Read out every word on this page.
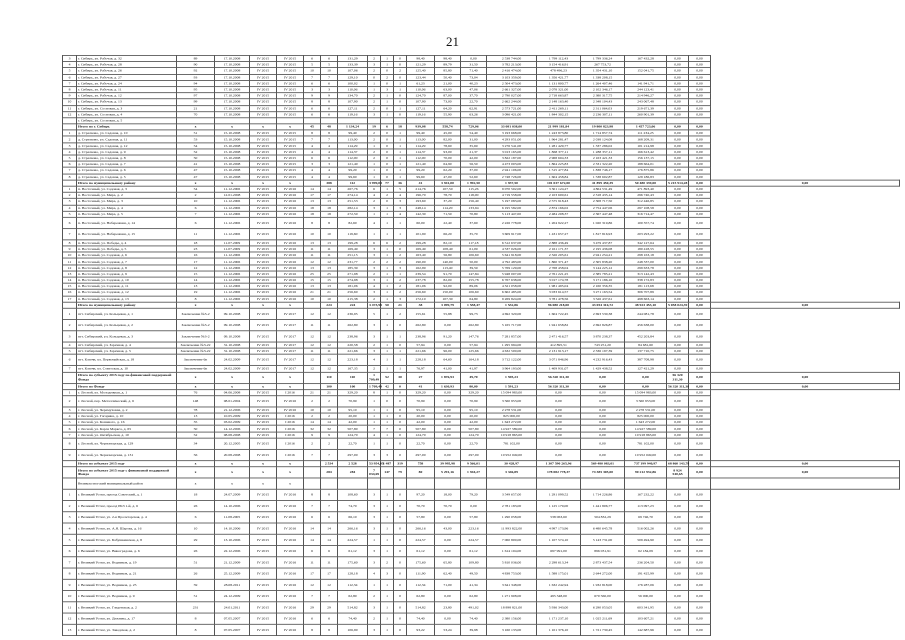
21
3	г. Сибирь, ул. Рабочая, д. 32	89	17.10.2008	IV 2015	IV 2015	6	6	131,29	2	1	0	98,40	98,40	0,00	2 538 744,00	1 799 112,43	1 799 336,24	167 432,28	0,00	0,00	
4	г. Сибирь, ул. Рабочая, д. 28	90	17.10.2008	IV 2015	IV 2015	5	5	133,39	3	1	0	121,29	89,79	31,50	3 782 213,00	3 154 416,91	267 753,72		0,00	0,00	
5	г. Сибирь, ул. Рабочая, д. 26	92	17.10.2008	IV 2015	IV 2015	10	10	107,06	2	0	2	125,40	85,80	71,40	2 416 474,00	478 496,23	1 354 431,10	152 041,75	0,00	0,00	
6	г. Сибирь, ул. Рабочая, д. 27	93	17.10.2008	IV 2015	IV 2015	7	7	129,10	0	2	0	123,44	50,40	73,04	3 103 359,00	1 356 421,77	1 338 208,15		0,00	0,00	
7	г. Сибирь, ул. Рабочая, д. 24	94	17.10.2008	IV 2015	IV 2015	6	6	100,02	1	0	1	61,23	21,00	40,23	2 504 473,00	1 131 800,77	1 264 407,46	141 941,71	0,00	0,00	
8	г. Сибирь, ул. Рабочая, д. 11	95	17.10.2008	IV 2015	IV 2015	3	3	110,06	1	3	1	110,06	63,00	47,06	2 661 327,00	2 078 321,00	2 102 346,17	244 123,41	0,00	0,00	
9	г. Сибирь, ул. Рабочая, д. 12	97	17.10.2008	IV 2015	IV 2015	9	9	134,70	2	1	0	124,70	87,00	37,70	2 790 027,00	2 718 663,87	2 380 317,75	214 946,27	0,00	0,00	
10	г. Сибирь, ул. Рабочая, д. 13	99	17.10.2008	IV 2015	IV 2015	8	8	107,90	2	1	0	107,90	73,00	22,70	2 662 244,00	2 148 163,40	2 348 104,43	243 067,48	0,00	0,00	
11	г. Сибирь, ул. Сосновая, д. 3	21	17.10.2008	IV 2015	IV 2015	6	6	127,11	2	0	1	127,11	64,20	62,91	2 573 721,00	2 411 269,11	2 311 064,03	219 671,39	0,00	0,00	
12	г. Сибирь, ул. Сосновая, д. 4	70	17.10.2008	IV 2015	IV 2015	6	6	119,16	3	1	0	119,16	55,90	63,26	3 096 421,00	1 844 302,15	2 236 307,11	260 901,39	0,00	0,00	
	г. Сибирь, ул. Сосновая, д. 5																				
	Итого по г. Сибирь	x	x	x	x	45	48	1 134,24	19	6	18	939,08	558,74	729,06	33 081 038,00	21 999 181,84	19 800 823,98	1 457 723,06	0,00	0,00	
1	д. Стрелково, ул. Садовая, д. 10	51	15.10.2008	IV 2015	IV 2015	8	8	99,40	2	0	1	99,40	45,00	54,40	3 193 668,00	1 243 873,80	1 714 857,74	111 234,25	0,00	0,00	
2	д. Стрелково, ул. Садовая, д. 11	53	15.10.2008	IV 2015	IV 2015	7	7	113,00	2	0	1	113,00	82,00	31,00	4 293 051,00	1 964 281,47	2 038 124,08	168 209,31	0,00	0,00	
3	д. Стрелково, ул. Садовая, д. 12	54	15.10.2008	IV 2015	IV 2015	4	4	114,29	1	0	1	114,29	78,60	35,69	3 276 541,00	1 281 429,77	1 337 286,02	101 214,98	0,00	0,00	
4	д. Стрелково, ул. Садовая, д. 9	52	15.10.2008	IV 2015	IV 2015	4	4	114,37	2	0	1	114,37	93,00	21,37	3 013 165,00	1 868 377,11	1 288 357,11	166 613,42	0,00	0,00	
5	д. Стрелково, ул. Садовая, д. 8	50	15.10.2008	IV 2015	IV 2015	6	6	112,00	2	0	1	112,00	70,00	42,00	3 822 187,00	2 968 604,33	2 163 421,33	156 137,15	0,00	0,00	
6	д. Стрелково, ул. Садовая, д. 7	41	15.10.2008	IV 2015	IV 2015	3	3	121,40	1	0	1	121,40	64,90	56,50	4 473 003,00	1 864 225,83	2 331 322,20	188 664,01	0,00	0,00	
7	д. Стрелково, ул. Садовая, д. 6	47	15.10.2008	IV 2015	IV 2015	4	4	99,20	1	0	1	99,20	62,20	37,00	2 941 106,00	1 515 477,84	1 838 746,17	176 875,86	0,00	0,00	
8	д. Стрелково, ул. Садовая, д. 5	47	15.10.2008	IV 2015	IV 2015	4	4	99,60	1	0	1	99,60	47,00	52,60	2 748 726,00	1 604 458,84	1 538 602,87	129 186,83	0,00	0,00	
	Итого по муниципальному району	x	x	x	x		388	112	3 999,03	77	36	41	3 941,00	1 992,50	1 937,50	101 037 672,00	41 899 450,39	50 480 339,00	5 215 914,28	0,00	0,00
1	п. Восточный, ул. Садовая, д. 3	54	11.12.2006	IV 2015	IV 2016	14	14	267,76	6	1	5	214,76	107,50	115,26	9 070 502,00	3 301 124,27	4 864 531,49	471 893,40	0,00	0,00	
2	п. Восточный, ул. Мира, д. 2	2	12.01.2008	IV 2015	IV 2016	17	17	274,14	4	2	4	196,70	78,70	118,00	4 719 558,00	2 103 600,61	2 318 435,14	296 740,43	0,00	0,00	
3	п. Восточный, ул. Мира, д. 3	10	11.12.2006	IV 2015	IV 2016	13	13	251,53	2	0	3	193,60	37,20	156,40	5 197 083,00	2 575 918,43	2 308 717,50	312 446,85	0,00	0,00	
4	п. Восточный, ул. Мира, д. 4	6	11.12.2006	IV 2015	IV 2016	18	18	282,14	3	1	3	248,14	114,20	133,94	6 195 582,00	2 874 166,02	2 754 447,06	297 108,58	0,00	0,00	
5	п. Восточный, ул. Мира, д. 5	7	11.12.2006	IV 2015	IV 2016	18	18	272,50	1	1	4	142,30	71,50	70,80	5 113 447,00	2 484 208,37	2 367 447,48	316 714,47	0,00	0,00	
6	п. Восточный, ул. Набережная, д. 14	6	11.12.2006	IV 2015	IV 2016	8	8	82,60	4	1	1	60,00	22,40	37,60	2 226 778,00	1 204 922,27	1 020 319,86	100 357,74	0,00	0,00	
7	п. Восточный, ул. Набережная, д. 15	11	11.12.2006	IV 2015	IV 2016	10	10	119,60	1	1	1	101,90	66,20	35,70	3 609 917,00	1 431 657,27	1 817 816,93	203 293,22	0,00	0,00	
8	п. Восточный, ул. Победы, д. 4	18	11.07.2009	IV 2015	IV 2016	13	13	199,28	6	6	2	199,28	82,10	117,18	6 512 637,00	2 888 436,49	3 479 437,87	342 127,64	0,00	0,00	
9	п. Восточный, ул. Победы, д. 5	23	11.07.2009	IV 2015	IV 2016	11	11	169,49	3	1	0	169,49	108,40	61,09	4 537 026,00	2 161 171,37	2 195 436,08	180 418,55	0,00	0,00	
10	п. Восточный, ул. Садовая, д. 6	16	11.12.2006	IV 2015	IV 2016	11	11	251,15	3	1	2	163,40	56,80	106,60	5 641 918,00	2 326 205,61	2 941 254,21	298 163,18	0,00	0,00	
11	п. Восточный, ул. Садовая, д. 7	17	11.12.2006	IV 2015	IV 2016	12	12	231,77	2	2	2	190,00	140,00	50,00	4 792 483,00	1 860 371,47	2 305 838,20	248 337,00	0,00	0,00	
12	п. Восточный, ул. Садовая, д. 8	12	11.12.2006	IV 2015	IV 2016	13	13	185,39	3	1	3	162,99	113,40	39,59	5 769 129,00	2 768 458,04	3 144 225,12	299 633,78	0,00	0,00	
13	п. Восточный, ул. Садовая, д. 9	15	11.12.2006	IV 2015	IV 2016	25	25	271,98	2	1	1	239,54	91,70	147,84	5 948 007,00	2 761 221,25	2 385 785,21	313 142,43	0,00	0,00	
14	п. Восточный, ул. Садовая, д. 10	14	11.12.2006	IV 2015	IV 2016	15	15	274,98	3	1	2	237,78	82,00	155,78	6 767 638,00	3 017 174,78	3 171 186,10	338 172,83	0,00	0,00	
15	п. Восточный, ул. Садовая, д. 11	13	11.12.2006	IV 2015	IV 2016	13	13	181,06	4	1	2	181,06	92,00	89,06	4 321 058,00	1 981 495,04	2 160 356,35	181 113,68	0,00	0,00	
16	п. Восточный, ул. Садовая, д. 12	19	11.12.2006	IV 2015	IV 2016	21	21	256,60	3	1	2	256,60	150,00	106,60	6 602 485,00	3 033 614,57	3 271 163,54	306 707,89	0,00	0,00	
17	п. Восточный, ул. Садовая, д. 13	8	11.12.2006	IV 2015	IV 2016	10	10	215,38	2	1	3	172,10	107,30	64,80	9 269 824,00	3 781 478,56	3 526 437,61	498 663,14	0,00	0,00	
	Итого по муниципальному району	x	x	x	x		224	224	3 473,99	50	21	38	3 099,79	1 558,47	1 532,86	96 080 218,00	43 054 316,72	48 923 453,10	5 058 024,39	0,00	0,00
1	пгт. Сибирский, ул. Кольцевая, д. 1	Заключение №3-2	09.10.2008	IV 2015	IV 2017	12	12	236,95	5	1	2	155,61	55,88	99,73	4 692 320,00	1 604 722,45	2 693 530,38	244 081,78	0,00	0,00	
2	пгт. Сибирский, ул. Кольцевая, д. 2	Заключение №3-2	09.10.2008	IV 2015	IV 2017	11	11	262,80	3	1	0	262,80	0,00	262,80	5 165 717,00	1 941 658,82	2 692 826,87	456 638,00	0,00	0,00	
3	пгт. Сибирский, ул. Кольцевая, д. 3	Заключение №3-2	09.10.2008	IV 2015	IV 2017	12	12	238,96	3	1	1	238,96	91,20	147,76	7 281 857,00	2 471 416,57	3 870 238,37	452 203,84	0,00	0,00	
4	пгт. Сибирский, ул. Заречная, д. 4	Заключение №3-22	31.10.2008	IV 2015	IV 2017	12	12	220,58	2	1	0	57,94	0,00	57,94	1 295 994,00	412 895,51	743 251,20	84 681,60	0,00	0,00	
5	пгт. Сибирский, ул. Заречная, д. 5	Заключение №3-22	31.10.2008	IV 2015	IV 2017	11	11	221,66	3	1	1	221,66	96,00	125,66	4 632 500,00	2 131 913,17	2 336 197,39	137 710,75	0,00	0,00	
6	пгт. Ключи, ул. Первомайская, д. 18	Заключение 6п	24.02.2009	IV 2015	IV 2017	12	12	223,18	4	1	1	228,18	64,60	164,18	3 712 122,00	3 071 846,96	4 232 916,43	387 708,98	0,00	0,00	
7	пгт. Ключи, ул. Советская, д. 10	Заключение 6п	24.02.2009	IV 2015	IV 2017	12	12	167,35	2	1	1	76,97	41,00	41,97	3 964 193,00	1 409 931,07	1 429 438,52	127 421,29	0,00	0,00	
	Итого по субъекту 2015 году по финансовой поддержкой Фонда	x	x	x	x		110	110	1 709,49	52	30	27	1 876,93	49,70	1 595,23	56 320 311,30	0,00	0,00	56 320 311,30	0,00	0,00
	Итого по Фонду	x	x	x	x		100	100	1 709,49	42	0	41	1 630,93	80,00	1 591,23	56 320 311,30	0,00	0,00	56 320 311,30	0,00	0,00
1	г. Лесной, ул. Молодежная, д. 1	76	04.06.2008	IV 2015	I 2016	21	21	329,20	8	1	0	329,20	0,00	329,20	15 094 983,00	0,00	0,00	15 094 983,00	0,00	0,00	
2	г. Лесной, пер. Металлический, д. 6	148	08.01.2004	IV 2015	IV 2016	2	2	70,99	1	0	0	70,99	0,00	70,99	3 560 953,00	0,00	0,00	3 560 953,00	0,00	0,00	
3	г. Лесной, ул. Черемуховая, д. 2	78	21.12.2006	IV 2015	IV 2016	10	10	95,10	1	1	0	95,10	0,00	95,10	2 278 531,00	0,00	0,00	2 278 531,00	0,00	0,00	
4	г. Лесной, ул. Гагарина, д. 10	13	10.05.2009	IV 2015	I 2016	2	2	20,00	1	1	0	20,00	0,00	20,00	825 000,00	0,00	0,00	825 000,00	0,00	0,00	
5	г. Лесной, ул. Кошевого, д. 16	35	03.02.2009	IV 2015	I 2016	14	14	42,00	1	1	0	42,00	0,00	42,00	1 643 272,00	0,00	0,00	1 643 272,00	0,00	0,00	
6	г. Лесной, ул. Карла Маркса, д. 65	50	14.12.2006	IV 2015	I 2016	32	32	507,80	7	7	0	507,80	0,00	507,80	14 927 589,00	0,00	0,00	14 927 589,00	0,00	0,00	
7	г. Лесной, ул. Октябрьская, д. 10	52	08.08.2008	IV 2015	I 2016	9	9	124,70	4	1	0	124,70	0,00	124,70	10 918 863,00	0,00	0,00	10 918 863,00	0,00	0,00	
8	г. Лесной, ул. Черноморская, д. 129	34	20.12.2005	IV 2015	I 2016	2	2	22,70	1	1	0	22,70	0,00	22,70	781 102,00	0,00	0,00	781 102,00	0,00	0,00	
9	г. Лесной, ул. Черноморская, д. 131	56	20.08.2008	IV 2015	I 2016	7	7	297,00	3	3	0	297,00	0,00	297,00	10 952 049,00	0,00	0,00	10 952 049,00	0,00	0,00	
	Итого по субъекту 2015 году	x	x	x	x		2 534	2 528	53 954,05	1 487	319	758	39 995,98	9 566,01	30 428,97	1 307 590 265,96	569 480 083,01	737 199 940,97	68 860 143,78	0,00	0,00
	Итого по субъекту 2015 году с финансовой поддержкой Фонда	x	x	x	x		284	284	7 034,69	147	79	80	5 291,16	1 944,27	3 346,89	178 082 778,37	74 385 305,00	90 212 932,86	8 924 540,65	0,00	0,00
	Великоустюгский муниципальный район	x	x	x	x																
1	г. Великий Устюг, проезд Советский, д. 1	18	24.07.2009	IV 2015	IV 2016	8	8	108,60	3	1	0	97,20	18,00	79,20	3 549 657,00	1 291 099,52	1 714 226,86	167 232,22	0,00	0,00	
2	г. Великий Устюг, проезд РКЗ 1-й, д. 6	26	14.10.2006	IV 2015	IV 2016	7	7	74,70	3	1	0	70,70	70,70	0,00	2 781 183,00	1 125 179,00	1 441 806,77	113 097,23	0,00	0,00	
3	г. Великий Устюг, ул. 2-я Пролетарская, д. 4	6	11.08.2005	IV 2015	IV 2016	6	6	66,10	3	1	0	57,80	0,00	57,80	1 290 058,00	538 063,60	504 832,29	69 746,70	0,00	0,00	
4	г. Великий Устюг, ул. А.Я. Шарова, д. 16	10	14.10.2006	IV 2015	IV 2016	14	14	266,16	3	1	0	266,16	43,00	223,16	11 993 822,00	4 997 173,96	6 480 645,78	516 002,26	0,00	0,00	
5	г. Великий Устюг, ул. Бабушкинская, д. 8	29	13.10.2006	IV 2015	IV 2016	14	14	224,57	1	1	0	224,57	0,00	224,57	7 060 800,00	1 107 574,10	5 143 731,00	509 494,90	0,00	0,00	
6	г. Великий Устюг, ул. Виноградова, д. 6	26	22.12.2006	IV 2015	IV 2016	6	6	61,12	3	1	0	61,12	0,00	61,12	1 614 104,00	697 991,00	896 031,91	62 184,09	0,00	0,00	
7	г. Великий Устюг, ул. Водников, д. 19	51	21.12.2009	IV 2015	IV 2016	11	11	175,60	3	2	0	175,60	65,80	109,80	5 810 036,00	2 298 613,34	2 873 437,54	236 204,50	0,00	0,00	
8	г. Великий Устюг, ул. Водников, д. 21	26	25.12.2009	IV 2015	IV 2016	17	17	128,18	4	3	0	111,90	62,40	49,50	4 838 753,00	1 588 175,01	2 644 272,00	191 425,99	0,00	0,00	
9	г. Великий Устюг, ул. Водников, д. 25	59	28.08.2011	IV 2015	IV 2016	12	12	112,34	1	1	0	112,34	71,00	41,34	3 641 348,00	1 632 242,94	1 932 818,00	176 287,06	0,00	0,00	
10	г. Великий Устюг, ул. Водников, д. 9	51	24.12.2009	IV 2015	IV 2016	7	7	62,80	2	1	0	62,80	0,00	62,80	1 271 908,00	495 348,00	670 560,00	56 000,00	0,00	0,00	
11	г. Великий Устюг, ул. Гледенская, д. 2	231	24.01.2011	IV 2015	IV 2016	29	29	514,82	3	1	0	514,82	23,80	491,02	18 898 821,00	5 936 343,00	6 290 053,05	603 341,95	0,00	0,00	
12	г. Великий Устюг, ул. Дежнева, д. 17	8	07.05.2007	IV 2015	IV 2016	6	6	74,40	2	1	0	74,40	0,00	74,40	2 380 156,00	1 171 237,10	1 025 211,69	103 607,21	0,00	0,00	
13	г. Великий Устюг, ул. Заводская, д. 2	8	07.05.2007	IV 2015	IV 2016	8	8	106,90	3	1	0	93,22	53,24	39,98	3 160 133,00	1 101 376,10	1 721 730,45	142 687,96	0,00	0,00	
